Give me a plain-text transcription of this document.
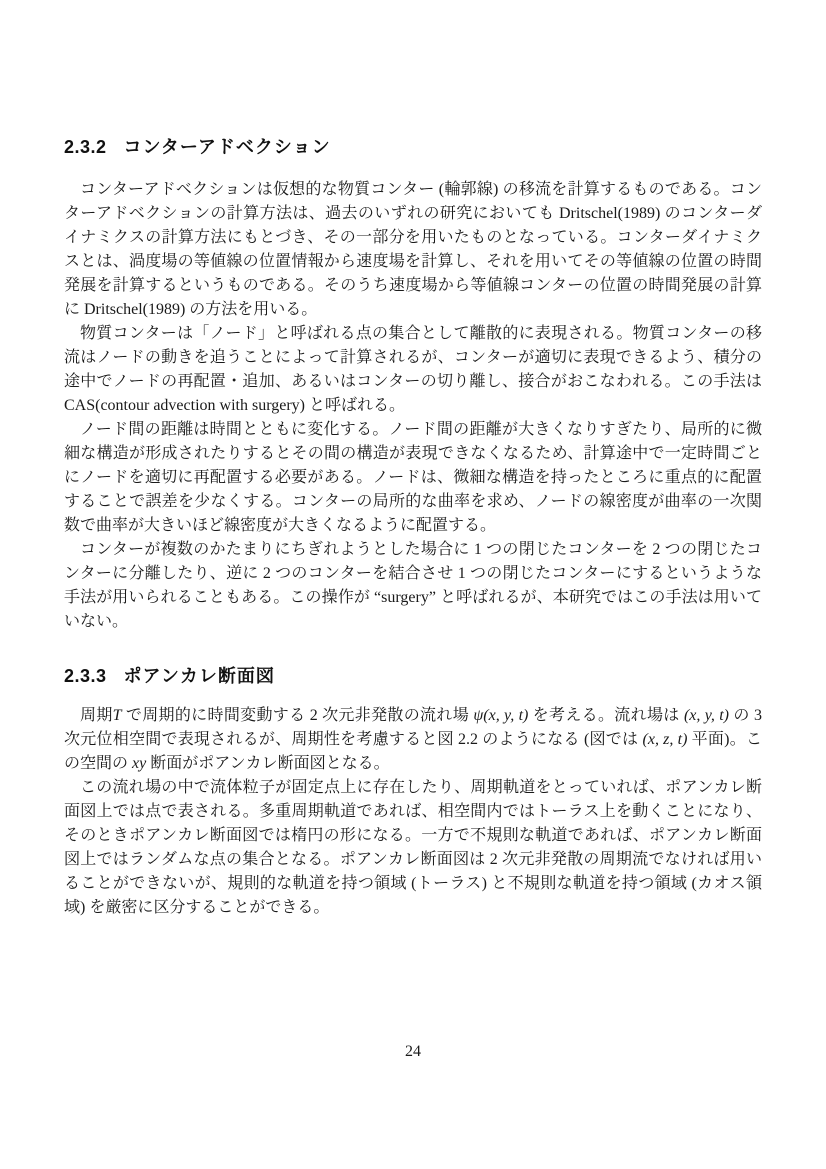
2.3.2 コンターアドベクション

コンターアドベクションは仮想的な物質コンター (輪郭線) の移流を計算するものである。コンターアドベクションの計算方法は、過去のいずれの研究においても Dritschel(1989) のコンターダイナミクスの計算方法にもとづき、その一部分を用いたものとなっている。コンターダイナミクスとは、渦度場の等値線の位置情報から速度場を計算し、それを用いてその等値線の位置の時間発展を計算するというものである。そのうち速度場から等値線コンターの位置の時間発展の計算に Dritschel(1989) の方法を用いる。

物質コンターは「ノード」と呼ばれる点の集合として離散的に表現される。物質コンターの移流はノードの動きを追うことによって計算されるが、コンターが適切に表現できるよう、積分の途中でノードの再配置・追加、あるいはコンターの切り離し、接合がおこなわれる。この手法は CAS(contour advection with surgery) と呼ばれる。

ノード間の距離は時間とともに変化する。ノード間の距離が大きくなりすぎたり、局所的に微細な構造が形成されたりするとその間の構造が表現できなくなるため、計算途中で一定時間ごとにノードを適切に再配置する必要がある。ノードは、微細な構造を持ったところに重点的に配置することで誤差を少なくする。コンターの局所的な曲率を求め、ノードの線密度が曲率の一次関数で曲率が大きいほど線密度が大きくなるように配置する。

コンターが複数のかたまりにちぎれようとした場合に 1 つの閉じたコンターを 2 つの閉じたコンターに分離したり、逆に 2 つのコンターを結合させ 1 つの閉じたコンターにするというような手法が用いられることもある。この操作が “surgery” と呼ばれるが、本研究ではこの手法は用いていない。

2.3.3 ポアンカレ断面図

周期T で周期的に時間変動する 2 次元非発散の流れ場 ψ(x, y, t) を考える。流れ場は (x, y, t) の 3 次元位相空間で表現されるが、周期性を考慮すると図 2.2 のようになる (図では (x, z, t) 平面)。この空間の xy 断面がポアンカレ断面図となる。

この流れ場の中で流体粒子が固定点上に存在したり、周期軌道をとっていれば、ポアンカレ断面図上では点で表される。多重周期軌道であれば、相空間内ではトーラス上を動くことになり、そのときポアンカレ断面図では楕円の形になる。一方で不規則な軌道であれば、ポアンカレ断面図上ではランダムな点の集合となる。ポアンカレ断面図は 2 次元非発散の周期流でなければ用いることができないが、規則的な軌道を持つ領域 (トーラス) と不規則な軌道を持つ領域 (カオス領域) を厳密に区分することができる。

24
